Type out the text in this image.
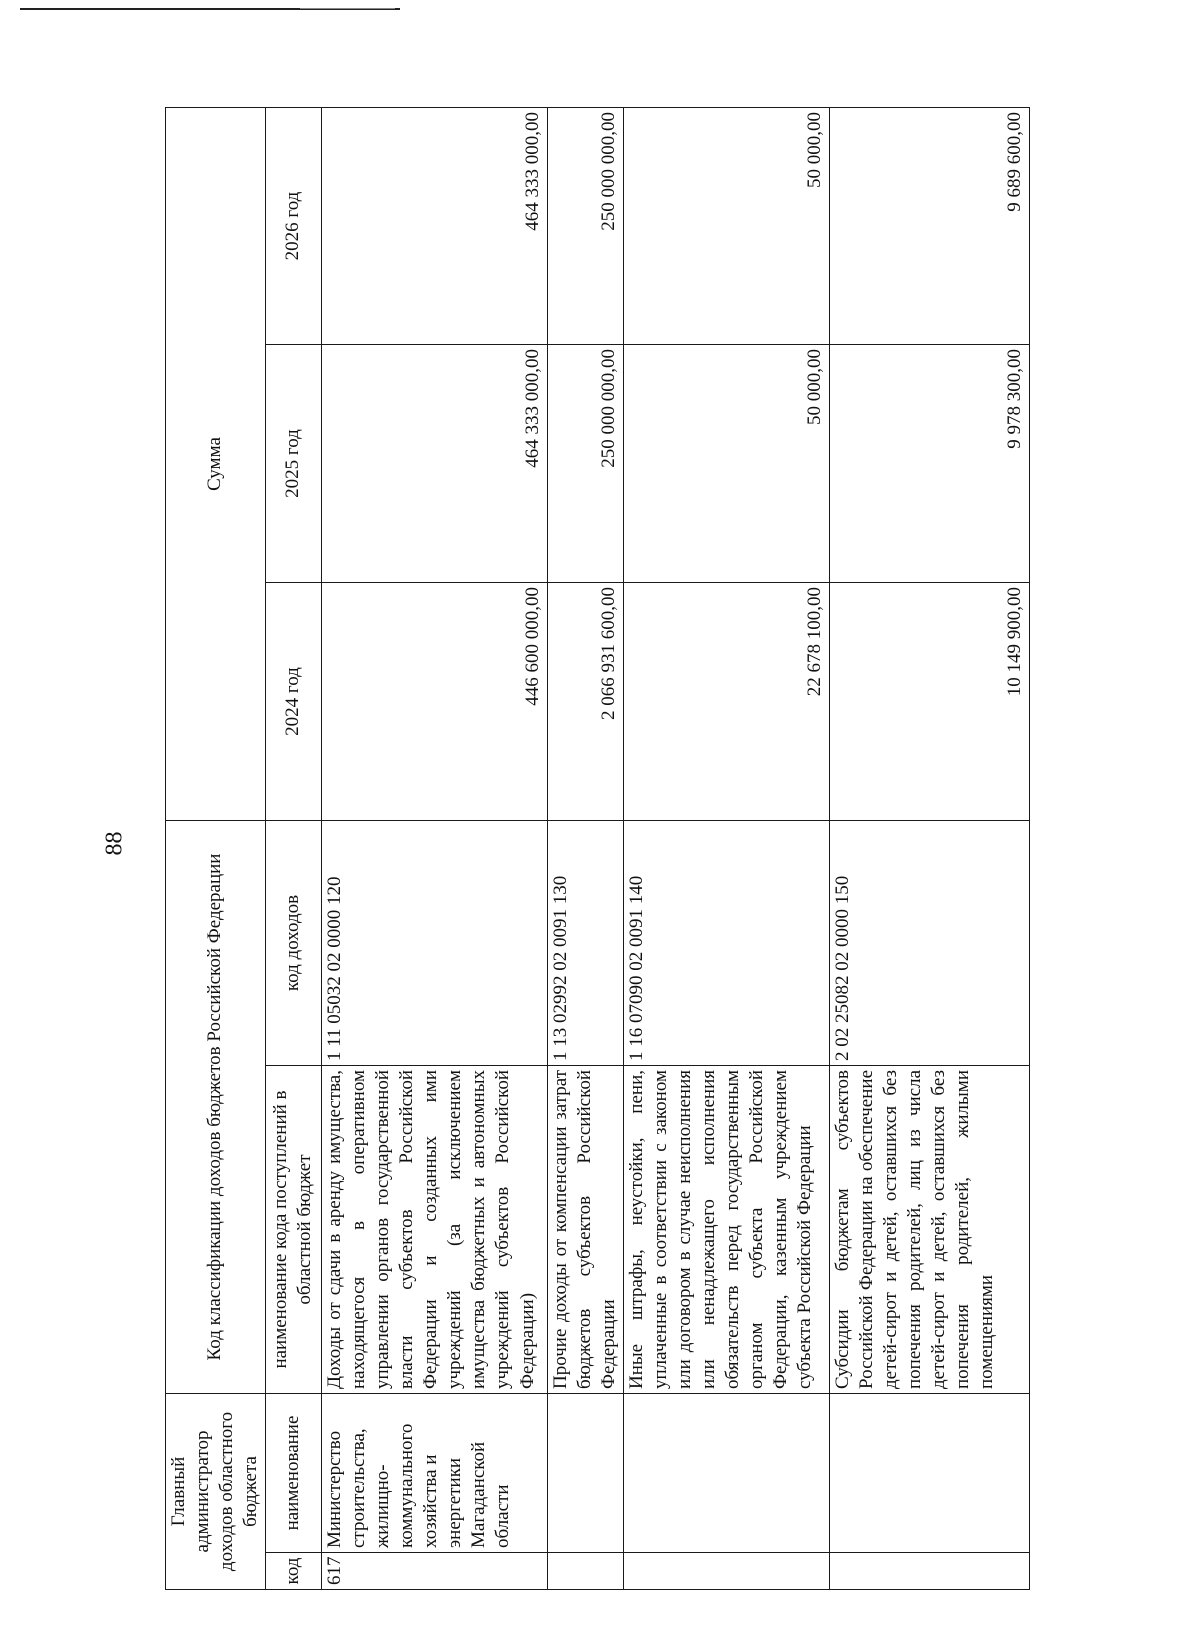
88
Главный администратор доходов областного бюджета		Код классификации доходов бюджетов Российской Федерации		Сумма		
код	наименование	наименование кода поступлений в областной бюджет	код доходов	2024 год	2025 год	2026 год
617	Министерство строительства, жилищно-коммунального хозяйства и энергетики Магаданской области	Доходы от сдачи в аренду имущества, находящегося в оперативном управлении органов государственной власти субъектов Российской Федерации и созданных ими учреждений (за исключением имущества бюджетных и автономных учреждений субъектов Российской Федерации)	1 11 05032 02 0000 120	446 600 000,00	464 333 000,00	464 333 000,00
		Прочие доходы от компенсации затрат бюджетов субъектов Российской Федерации	1 13 02992 02 0091 130	2 066 931 600,00	250 000 000,00	250 000 000,00
		Иные штрафы, неустойки, пени, уплаченные в соответствии с законом или договором в случае неисполнения или ненадлежащего исполнения обязательств перед государственным органом субъекта Российской Федерации, казенным учреждением субъекта Российской Федерации	1 16 07090 02 0091 140	22 678 100,00	50 000,00	50 000,00
		Субсидии бюджетам субъектов Российской Федерации на обеспечение детей-сирот и детей, оставшихся без попечения родителей, лиц из числа детей-сирот и детей, оставшихся без попечения родителей, жилыми помещениями	2 02 25082 02 0000 150	10 149 900,00	9 978 300,00	9 689 600,00
